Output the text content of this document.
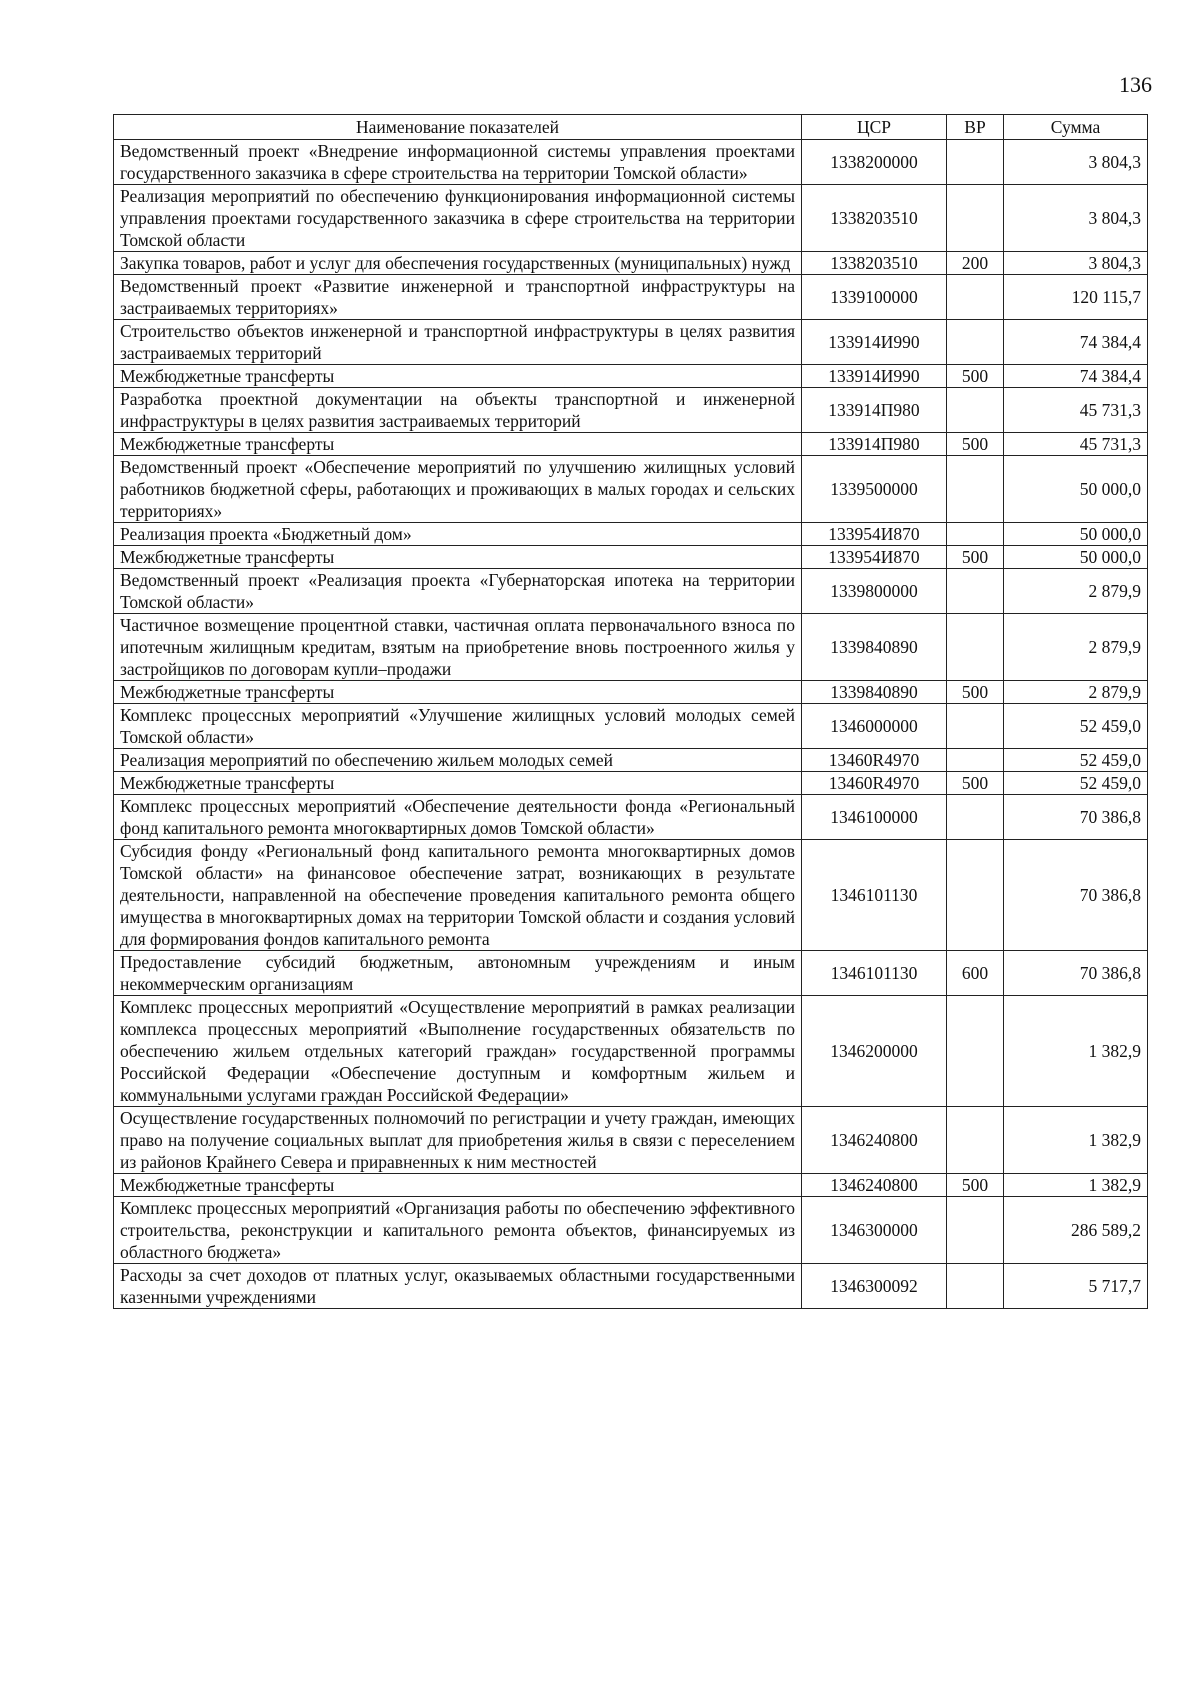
136
Наименование показателей	ЦСР	ВР	Сумма
Ведомственный проект «Внедрение информационной системы управления проектами государственного заказчика в сфере строительства на территории Томской области»	1338200000		3 804,3
Реализация мероприятий по обеспечению функционирования информационной системы управления проектами государственного заказчика в сфере строительства на территории Томской области	1338203510		3 804,3
Закупка товаров, работ и услуг для обеспечения государственных (муниципальных) нужд	1338203510	200	3 804,3
Ведомственный проект «Развитие инженерной и транспортной инфраструктуры на застраиваемых территориях»	1339100000		120 115,7
Строительство объектов инженерной и транспортной инфраструктуры в целях развития застраиваемых территорий	133914И990		74 384,4
Межбюджетные трансферты	133914И990	500	74 384,4
Разработка проектной документации на объекты транспортной и инженерной инфраструктуры в целях развития застраиваемых территорий	133914П980		45 731,3
Межбюджетные трансферты	133914П980	500	45 731,3
Ведомственный проект «Обеспечение мероприятий по улучшению жилищных условий работников бюджетной сферы, работающих и проживающих в малых городах и сельских территориях»	1339500000		50 000,0
Реализация проекта «Бюджетный дом»	133954И870		50 000,0
Межбюджетные трансферты	133954И870	500	50 000,0
Ведомственный проект «Реализация проекта «Губернаторская ипотека на территории Томской области»	1339800000		2 879,9
Частичное возмещение процентной ставки, частичная оплата первоначального взноса по ипотечным жилищным кредитам, взятым на приобретение вновь построенного жилья у застройщиков по договорам купли–продажи	1339840890		2 879,9
Межбюджетные трансферты	1339840890	500	2 879,9
Комплекс процессных мероприятий «Улучшение жилищных условий молодых семей Томской области»	1346000000		52 459,0
Реализация мероприятий по обеспечению жильем молодых семей	13460R4970		52 459,0
Межбюджетные трансферты	13460R4970	500	52 459,0
Комплекс процессных мероприятий «Обеспечение деятельности фонда «Региональный фонд капитального ремонта многоквартирных домов Томской области»	1346100000		70 386,8
Субсидия фонду «Региональный фонд капитального ремонта многоквартирных домов Томской области» на финансовое обеспечение затрат, возникающих в результате деятельности, направленной на обеспечение проведения капитального ремонта общего имущества в многоквартирных домах на территории Томской области и создания условий для формирования фондов капитального ремонта	1346101130		70 386,8
Предоставление субсидий бюджетным, автономным учреждениям и иным некоммерческим организациям	1346101130	600	70 386,8
Комплекс процессных мероприятий «Осуществление мероприятий в рамках реализации комплекса процессных мероприятий «Выполнение государственных обязательств по обеспечению жильем отдельных категорий граждан» государственной программы Российской Федерации «Обеспечение доступным и комфортным жильем и коммунальными услугами граждан Российской Федерации»	1346200000		1 382,9
Осуществление государственных полномочий по регистрации и учету граждан, имеющих право на получение социальных выплат для приобретения жилья в связи с переселением из районов Крайнего Севера и приравненных к ним местностей	1346240800		1 382,9
Межбюджетные трансферты	1346240800	500	1 382,9
Комплекс процессных мероприятий «Организация работы по обеспечению эффективного строительства, реконструкции и капитального ремонта объектов, финансируемых из областного бюджета»	1346300000		286 589,2
Расходы за счет доходов от платных услуг, оказываемых областными государственными казенными учреждениями	1346300092		5 717,7
